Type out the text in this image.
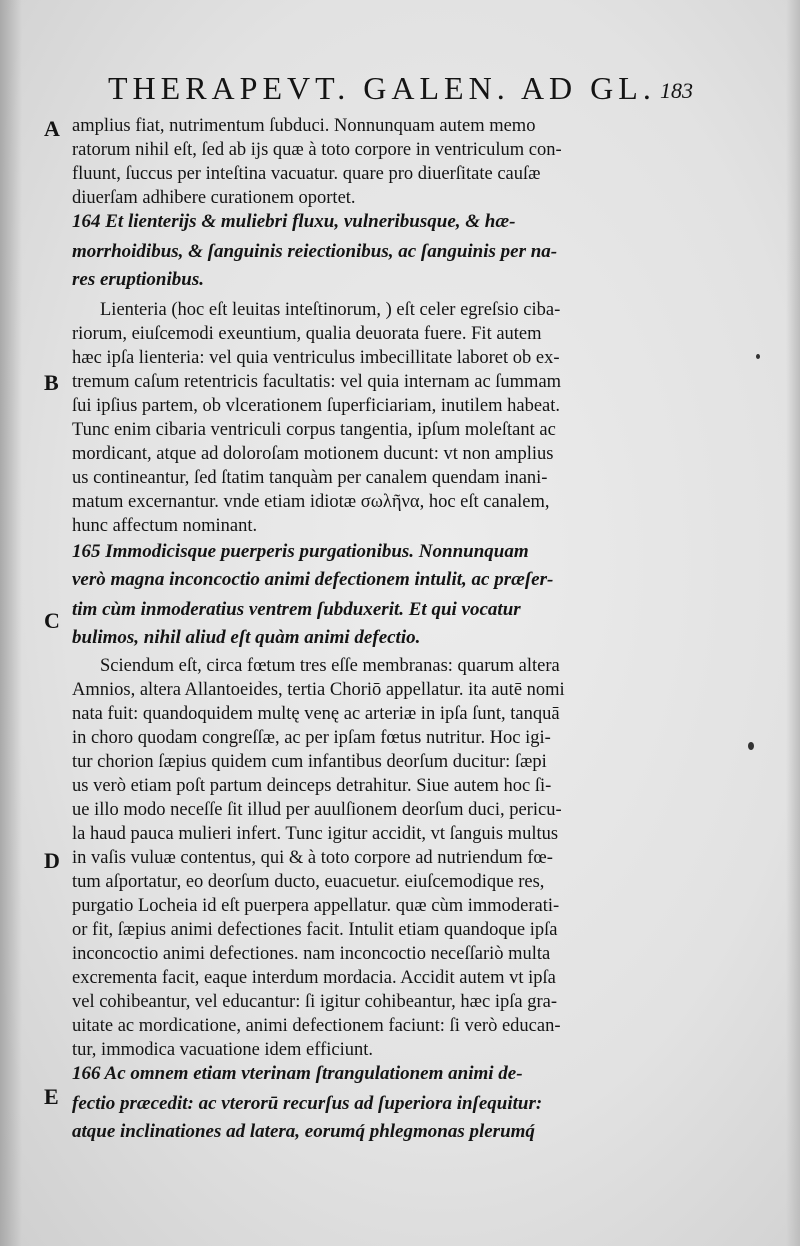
THERAPEVT. GALEN. AD GL. 183
A
B
C
D
E
amplius fiat, nutrimentum ſubduci. Nonnunquam autem memo
ratorum nihil eſt, ſed ab ijs quæ à toto corpore in ventriculum con-
fluunt, ſuccus per inteſtina vacuatur. quare pro diuerſitate cauſæ
diuerſam adhibere curationem oportet.
164 Et lienterijs & muliebri fluxu, vulneribusque, & hæ-
morrhoidibus, & ſanguinis reiectionibus, ac ſanguinis per na-
res eruptionibus.
Lienteria (hoc eſt leuitas inteſtinorum, ) eſt celer egreſsio ciba-
riorum, eiuſcemodi exeuntium, qualia deuorata fuere. Fit autem
hæc ipſa lienteria: vel quia ventriculus imbecillitate laboret ob ex-
tremum caſum retentricis facultatis: vel quia internam ac ſummam
ſui ipſius partem, ob vlcerationem ſuperficiariam, inutilem habeat.
Tunc enim cibaria ventriculi corpus tangentia, ipſum moleſtant ac
mordicant, atque ad doloroſam motionem ducunt: vt non amplius
us contineantur, ſed ſtatim tanquàm per canalem quendam inani-
matum excernantur. vnde etiam idiotæ σωλῆνα, hoc eſt canalem,
hunc affectum nominant.
165 Immodicisque puerperis purgationibus. Nonnunquam
verò magna inconcoctio animi defectionem intulit, ac præſer-
tim cùm inmoderatius ventrem ſubduxerit. Et qui vocatur
bulimos, nihil aliud eſt quàm animi defectio.
Sciendum eſt, circa fœtum tres eſſe membranas: quarum altera
Amnios, altera Allantoeides, tertia Choriō appellatur. ita autē nomi
nata fuit: quandoquidem multę venę ac arteriæ in ipſa ſunt, tanquā
in choro quodam congreſſæ, ac per ipſam fœtus nutritur. Hoc igi-
tur chorion ſæpius quidem cum infantibus deorſum ducitur: ſæpi
us verò etiam poſt partum deinceps detrahitur. Siue autem hoc ſi-
ue illo modo neceſſe ſit illud per auulſionem deorſum duci, pericu-
la haud pauca mulieri infert. Tunc igitur accidit, vt ſanguis multus
in vaſis vuluæ contentus, qui & à toto corpore ad nutriendum fœ-
tum aſportatur, eo deorſum ducto, euacuetur. eiuſcemodique res,
purgatio Locheia id eſt puerpera appellatur. quæ cùm immoderati-
or fit, ſæpius animi defectiones facit. Intulit etiam quandoque ipſa
inconcoctio animi defectiones. nam inconcoctio neceſſariò multa
excrementa facit, eaque interdum mordacia. Accidit autem vt ipſa
vel cohibeantur, vel educantur: ſi igitur cohibeantur, hæc ipſa gra-
uitate ac mordicatione, animi defectionem faciunt: ſi verò educan-
tur, immodica vacuatione idem efficiunt.
166 Ac omnem etiam vterinam ſtrangulationem animi de-
fectio præcedit: ac vterorū recurſus ad ſuperiora inſequitur:
atque inclinationes ad latera, eorumq́ phlegmonas plerumq́
